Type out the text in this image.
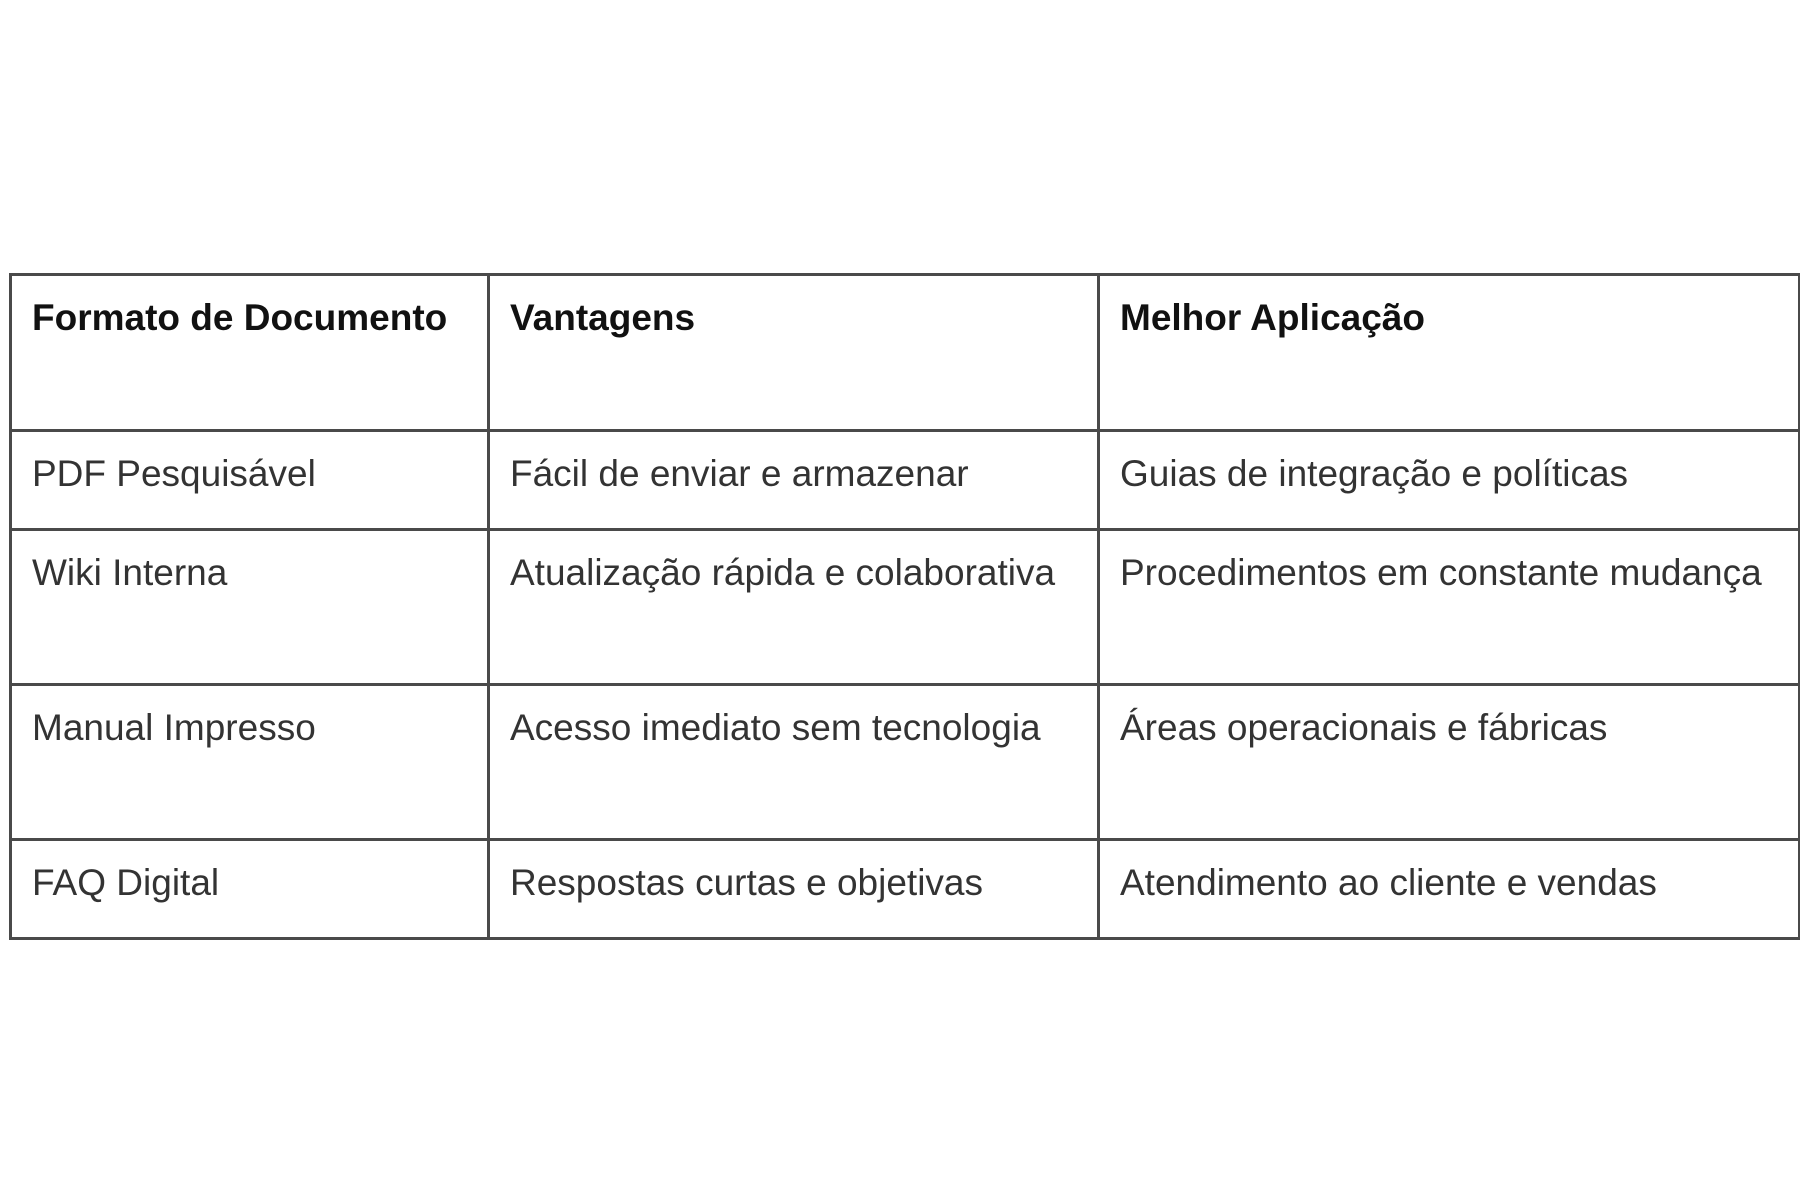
Formato de Documento	Vantagens	Melhor Aplicação
PDF Pesquisável	Fácil de enviar e armazenar	Guias de integração e políticas
Wiki Interna	Atualização rápida e colaborativa	Procedimentos em constante mudança
Manual Impresso	Acesso imediato sem tecnologia	Áreas operacionais e fábricas
FAQ Digital	Respostas curtas e objetivas	Atendimento ao cliente e vendas
